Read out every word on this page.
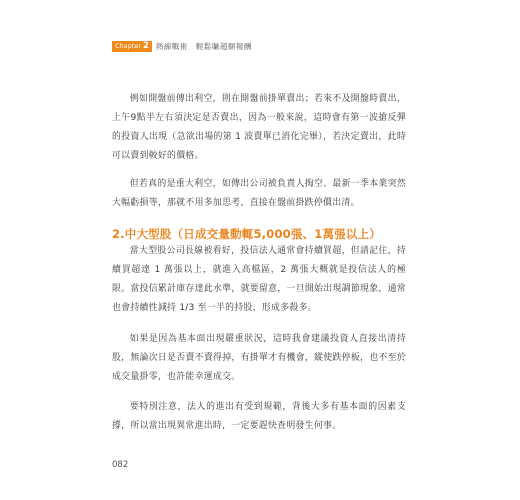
Chapter 2 熱線戰術　輕鬆賺超額報酬

例如開盤前傳出利空，則在開盤前掛單賣出；若來不及開盤時賣出，上午9點半左右須決定是否賣出，因為一般來說，這時會有第一波搶反彈的投資人出現（急欲出場的第 1 波賣單已消化完畢），若決定賣出，此時可以賣到較好的價格。

但若真的是重大利空，如傳出公司被負責人掏空、最新一季本業突然大幅虧損等，那就不用多加思考，直接在盤前掛跌停價出清。

2.中大型股（日成交量動輒5,000張、1萬張以上）

當大型股公司長線被看好，投信法人通常會持續買超，但請記住，持續買超達 1 萬張以上，就進入高檔區，2 萬張大概就是投信法人的極限。當投信累計庫存達此水準，就要留意，一旦開始出現調節現象，通常也會持續性減持 1/3 至一半的持股，形成多殺多。

如果是因為基本面出現嚴重狀況，這時我會建議投資人直接出清持股，無論次日是否賣不賣得掉，有掛單才有機會，縱使跌停板，也不至於成交量掛零，也許能幸運成交。

要特別注意，法人的進出有受到規範，背後大多有基本面的因素支撐，所以當出現異常進出時，一定要趕快查明發生何事。

082
